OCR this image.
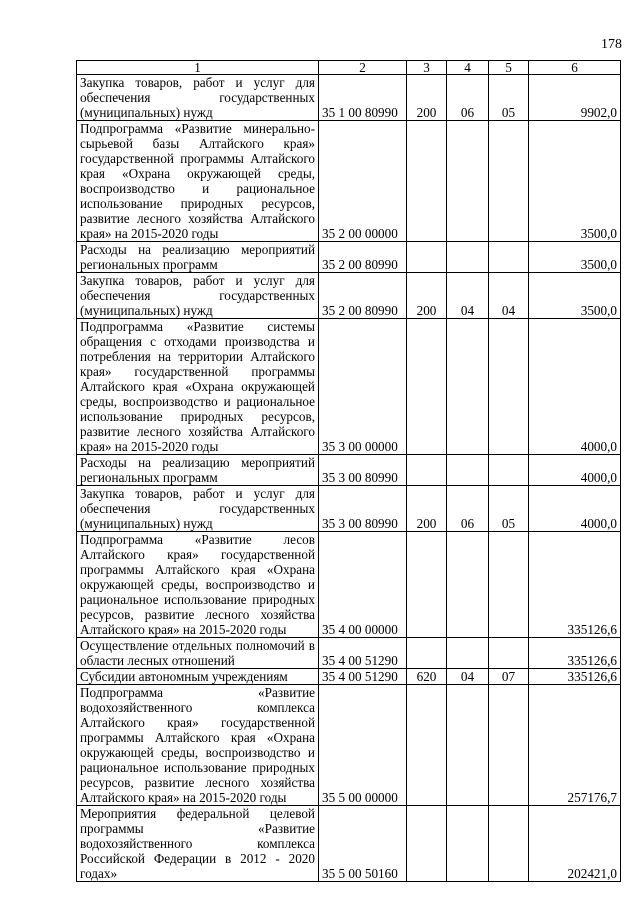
178
1	2	3	4	5	6
Закупка товаров, работ и услуг для обеспечения государственных (муниципальных) нужд	35 1 00 80990	200	06	05	9902,0
Подпрограмма «Развитие минерально-сырьевой базы Алтайского края» государственной программы Алтайского края «Охрана окружающей среды, воспроизводство и рациональное использование природных ресурсов, развитие лесного хозяйства Алтайского края» на 2015-2020 годы	35 2 00 00000				3500,0
Расходы на реализацию мероприятий региональных программ	35 2 00 80990				3500,0
Закупка товаров, работ и услуг для обеспечения государственных (муниципальных) нужд	35 2 00 80990	200	04	04	3500,0
Подпрограмма «Развитие системы обращения с отходами производства и потребления на территории Алтайского края» государственной программы Алтайского края «Охрана окружающей среды, воспроизводство и рациональное использование природных ресурсов, развитие лесного хозяйства Алтайского края» на 2015-2020 годы	35 3 00 00000				4000,0
Расходы на реализацию мероприятий региональных программ	35 3 00 80990				4000,0
Закупка товаров, работ и услуг для обеспечения государственных (муниципальных) нужд	35 3 00 80990	200	06	05	4000,0
Подпрограмма «Развитие лесов Алтайского края» государственной программы Алтайского края «Охрана окружающей среды, воспроизводство и рациональное использование природных ресурсов, развитие лесного хозяйства Алтайского края» на 2015-2020 годы	35 4 00 00000				335126,6
Осуществление отдельных полномочий в области лесных отношений	35 4 00 51290				335126,6
Субсидии автономным учреждениям	35 4 00 51290	620	04	07	335126,6
Подпрограмма «Развитие водохозяйственного комплекса Алтайского края» государственной программы Алтайского края «Охрана окружающей среды, воспроизводство и рациональное использование природных ресурсов, развитие лесного хозяйства Алтайского края» на 2015-2020 годы	35 5 00 00000				257176,7
Мероприятия федеральной целевой программы «Развитие водохозяйственного комплекса Российской Федерации в 2012 - 2020 годах»	35 5 00 50160				202421,0
